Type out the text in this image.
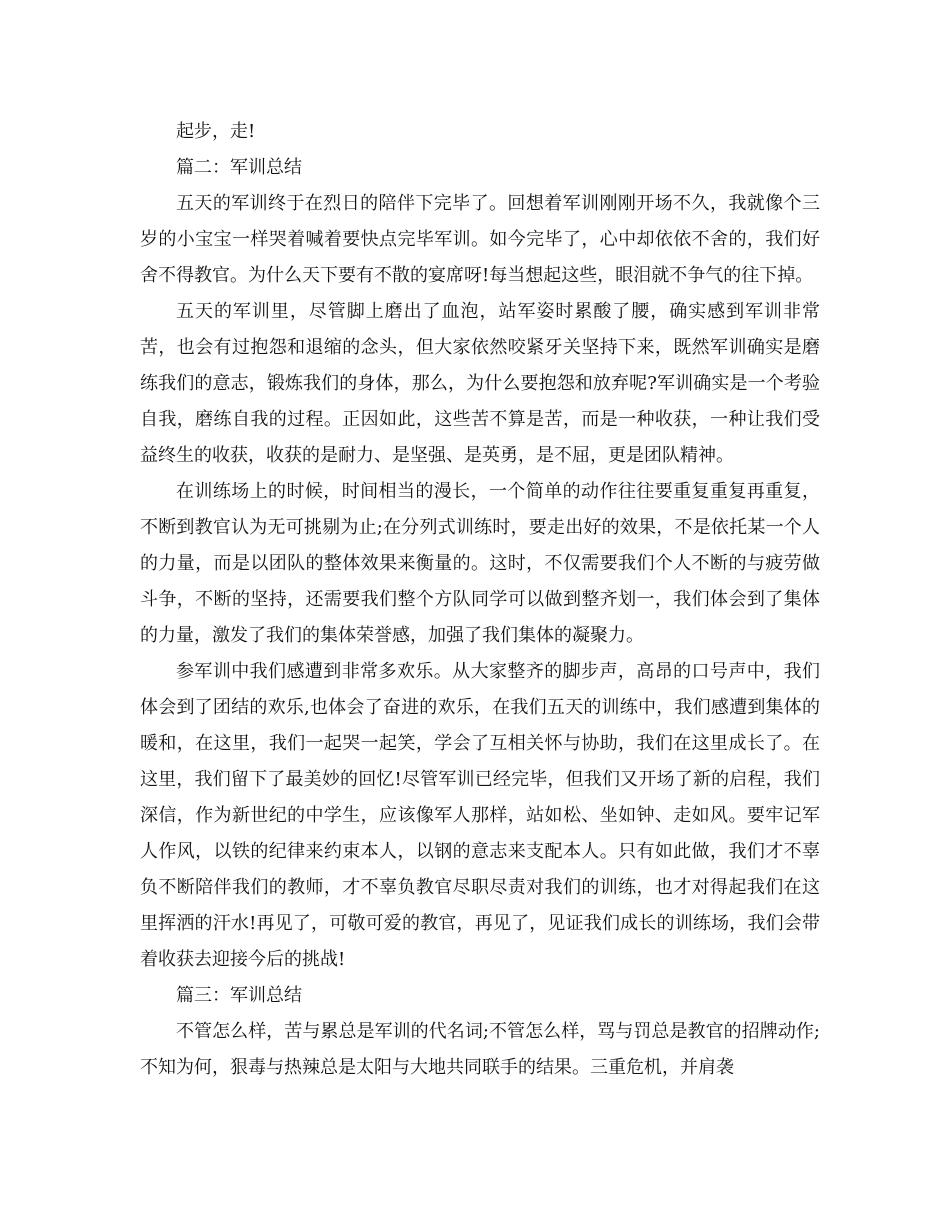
起步，走!

篇二：军训总结

五天的军训终于在烈日的陪伴下完毕了。回想着军训刚刚开场不久，我就像个三岁的小宝宝一样哭着喊着要快点完毕军训。如今完毕了，心中却依依不舍的，我们好舍不得教官。为什么天下要有不散的宴席呀!每当想起这些，眼泪就不争气的往下掉。

五天的军训里，尽管脚上磨出了血泡，站军姿时累酸了腰，确实感到军训非常苦，也会有过抱怨和退缩的念头，但大家依然咬紧牙关坚持下来，既然军训确实是磨练我们的意志，锻炼我们的身体，那么，为什么要抱怨和放弃呢?军训确实是一个考验自我，磨练自我的过程。正因如此，这些苦不算是苦，而是一种收获，一种让我们受益终生的收获，收获的是耐力、是坚强、是英勇，是不屈，更是团队精神。

在训练场上的时候，时间相当的漫长，一个简单的动作往往要重复重复再重复，不断到教官认为无可挑剔为止;在分列式训练时，要走出好的效果，不是依托某一个人的力量，而是以团队的整体效果来衡量的。这时，不仅需要我们个人不断的与疲劳做斗争，不断的坚持，还需要我们整个方队同学可以做到整齐划一，我们体会到了集体的力量，激发了我们的集体荣誉感，加强了我们集体的凝聚力。

参军训中我们感遭到非常多欢乐。从大家整齐的脚步声，高昂的口号声中，我们体会到了团结的欢乐,也体会了奋进的欢乐，在我们五天的训练中，我们感遭到集体的暖和，在这里，我们一起哭一起笑，学会了互相关怀与协助，我们在这里成长了。在这里，我们留下了最美妙的回忆!尽管军训已经完毕，但我们又开场了新的启程，我们深信，作为新世纪的中学生，应该像军人那样，站如松、坐如钟、走如风。要牢记军人作风，以铁的纪律来约束本人，以钢的意志来支配本人。只有如此做，我们才不辜负不断陪伴我们的教师，才不辜负教官尽职尽责对我们的训练，也才对得起我们在这里挥洒的汗水!再见了，可敬可爱的教官，再见了，见证我们成长的训练场，我们会带着收获去迎接今后的挑战!

篇三：军训总结

不管怎么样，苦与累总是军训的代名词;不管怎么样，骂与罚总是教官的招牌动作;不知为何，狠毒与热辣总是太阳与大地共同联手的结果。三重危机，并肩袭
